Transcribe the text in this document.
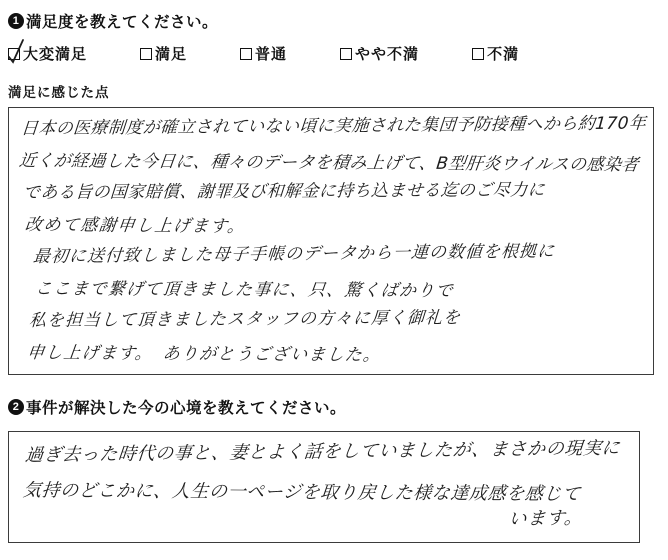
1 満足度を教えてください。
大変満足	満足	普通	やや不満	不満
満足に感じた点
日本の医療制度が確立されていない頃に実施された集団予防接種へから約170年
近くが経過した今日に、種々のデータを積み上げて、B型肝炎ウイルスの感染者
である旨の国家賠償、謝罪及び和解金に持ち込ませる迄のご尽力に
改めて感謝申し上げます。
最初に送付致しました母子手帳のデータから一連の数値を根拠に
ここまで繋げて頂きました事に、只、驚くばかりで
私を担当して頂きましたスタッフの方々に厚く御礼を
申し上げます。　ありがとうございました。
2 事件が解決した今の心境を教えてください。
過ぎ去った時代の事と、妻とよく話をしていましたが、まさかの現実に
気持のどこかに、人生の一ページを取り戻した様な達成感を感じて
います。
